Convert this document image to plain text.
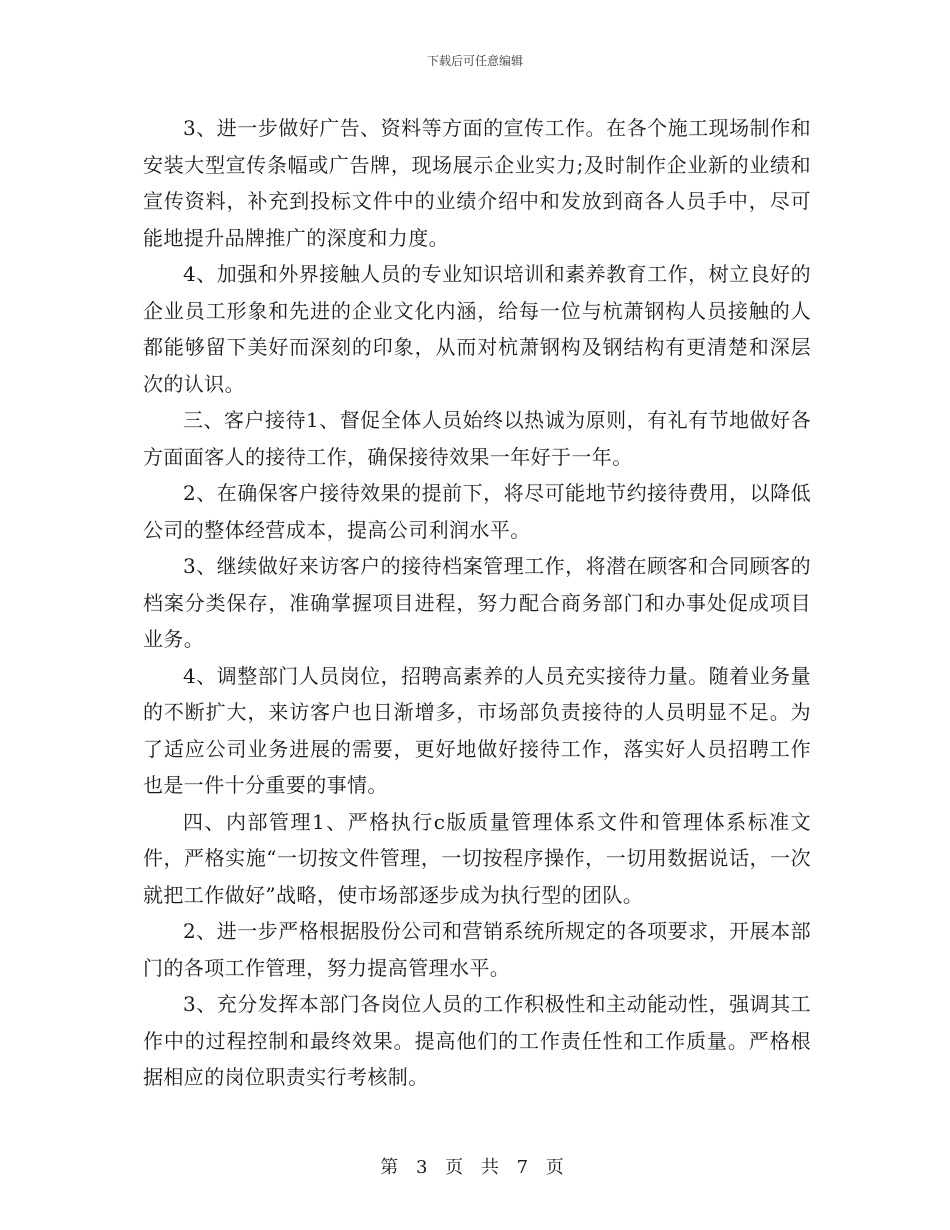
下载后可任意编辑

3、进一步做好广告、资料等方面的宣传工作。在各个施工现场制作和安装大型宣传条幅或广告牌，现场展示企业实力;及时制作企业新的业绩和宣传资料，补充到投标文件中的业绩介绍中和发放到商各人员手中，尽可能地提升品牌推广的深度和力度。

4、加强和外界接触人员的专业知识培训和素养教育工作，树立良好的企业员工形象和先进的企业文化内涵，给每一位与杭萧钢构人员接触的人都能够留下美好而深刻的印象，从而对杭萧钢构及钢结构有更清楚和深层次的认识。

三、客户接待1、督促全体人员始终以热诚为原则，有礼有节地做好各方面面客人的接待工作，确保接待效果一年好于一年。

2、在确保客户接待效果的提前下，将尽可能地节约接待费用，以降低公司的整体经营成本，提高公司利润水平。

3、继续做好来访客户的接待档案管理工作，将潜在顾客和合同顾客的档案分类保存，准确掌握项目进程，努力配合商务部门和办事处促成项目业务。

4、调整部门人员岗位，招聘高素养的人员充实接待力量。随着业务量的不断扩大，来访客户也日渐增多，市场部负责接待的人员明显不足。为了适应公司业务进展的需要，更好地做好接待工作，落实好人员招聘工作也是一件十分重要的事情。

四、内部管理1、严格执行c版质量管理体系文件和管理体系标准文件，严格实施“一切按文件管理，一切按程序操作，一切用数据说话，一次就把工作做好”战略，使市场部逐步成为执行型的团队。

2、进一步严格根据股份公司和营销系统所规定的各项要求，开展本部门的各项工作管理，努力提高管理水平。

3、充分发挥本部门各岗位人员的工作积极性和主动能动性，强调其工作中的过程控制和最终效果。提高他们的工作责任性和工作质量。严格根据相应的岗位职责实行考核制。

第 3 页 共 7 页
